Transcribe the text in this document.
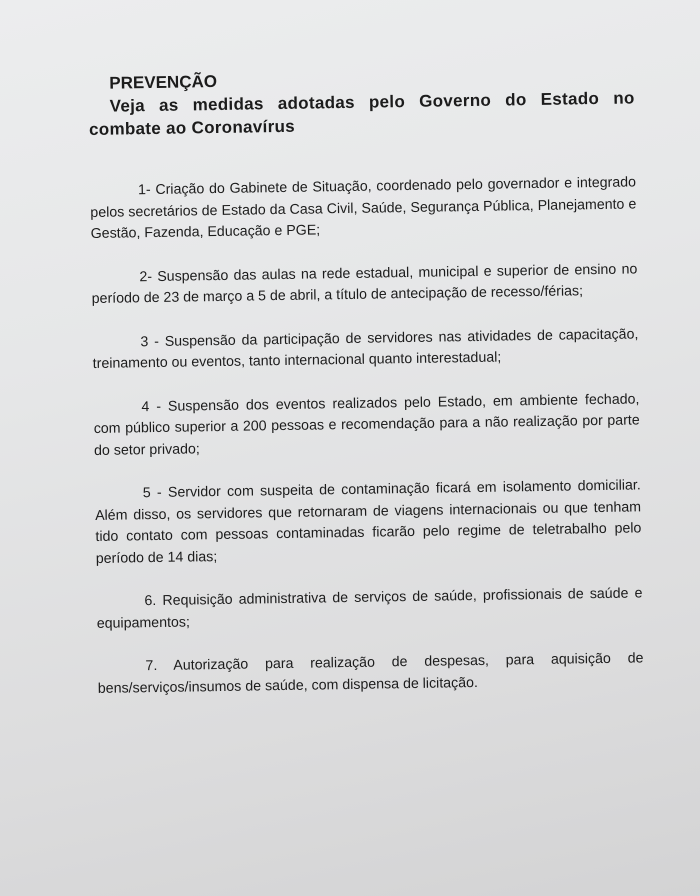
PREVENÇÃO
Veja as medidas adotadas pelo Governo do Estado no combate ao Coronavírus

1- Criação do Gabinete de Situação, coordenado pelo governador e integrado pelos secretários de Estado da Casa Civil, Saúde, Segurança Pública, Planejamento e Gestão, Fazenda, Educação e PGE;

2- Suspensão das aulas na rede estadual, municipal e superior de ensino no período de 23 de março a 5 de abril, a título de antecipação de recesso/férias;

3 - Suspensão da participação de servidores nas atividades de capacitação, treinamento ou eventos, tanto internacional quanto interestadual;

4 - Suspensão dos eventos realizados pelo Estado, em ambiente fechado, com público superior a 200 pessoas e recomendação para a não realização por parte do setor privado;

5 - Servidor com suspeita de contaminação ficará em isolamento domiciliar. Além disso, os servidores que retornaram de viagens internacionais ou que tenham tido contato com pessoas contaminadas ficarão pelo regime de teletrabalho pelo período de 14 dias;

6. Requisição administrativa de serviços de saúde, profissionais de saúde e equipamentos;

7. Autorização para realização de despesas, para aquisição de bens/serviços/insumos de saúde, com dispensa de licitação.
